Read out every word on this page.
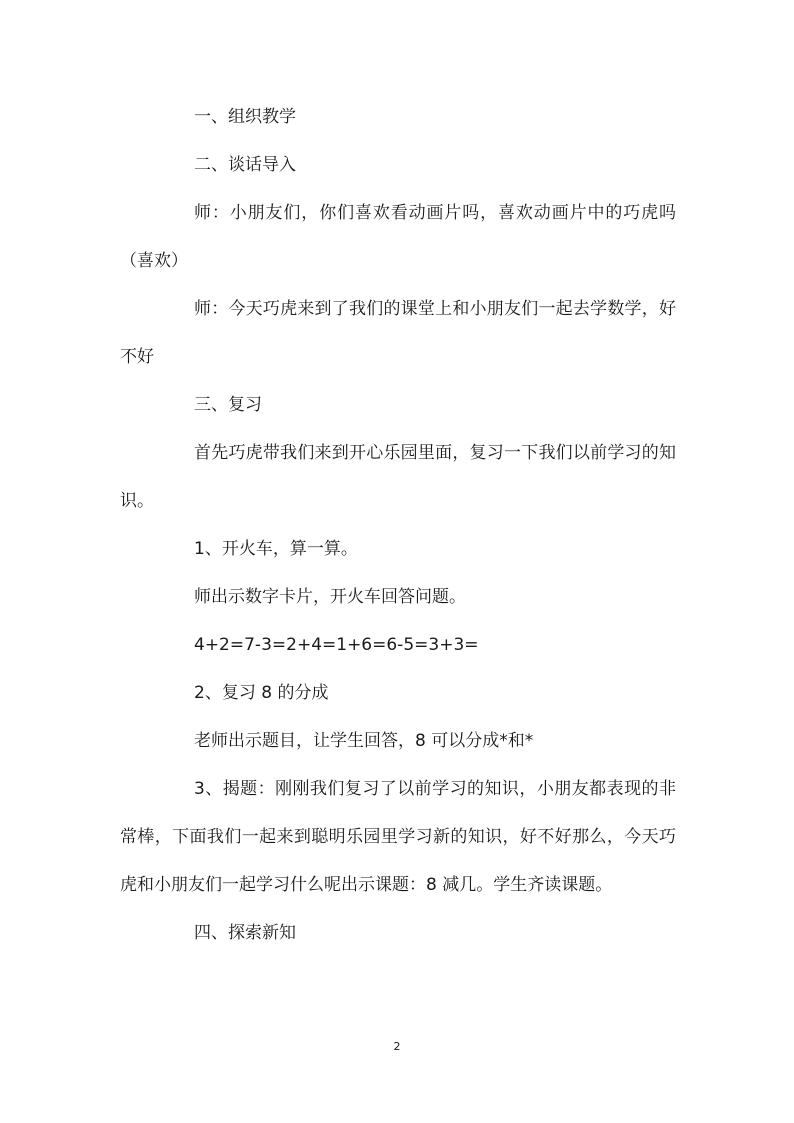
一、组织教学

二、谈话导入

师：小朋友们，你们喜欢看动画片吗，喜欢动画片中的巧虎吗（喜欢）

师：今天巧虎来到了我们的课堂上和小朋友们一起去学数学，好不好

三、复习

首先巧虎带我们来到开心乐园里面，复习一下我们以前学习的知识。

1、开火车，算一算。

师出示数字卡片，开火车回答问题。

4+2=7-3=2+4=1+6=6-5=3+3=

2、复习 8 的分成

老师出示题目，让学生回答，8 可以分成*和*

3、揭题：刚刚我们复习了以前学习的知识，小朋友都表现的非常棒，下面我们一起来到聪明乐园里学习新的知识，好不好那么，今天巧虎和小朋友们一起学习什么呢出示课题：8 减几。学生齐读课题。

四、探索新知

2
